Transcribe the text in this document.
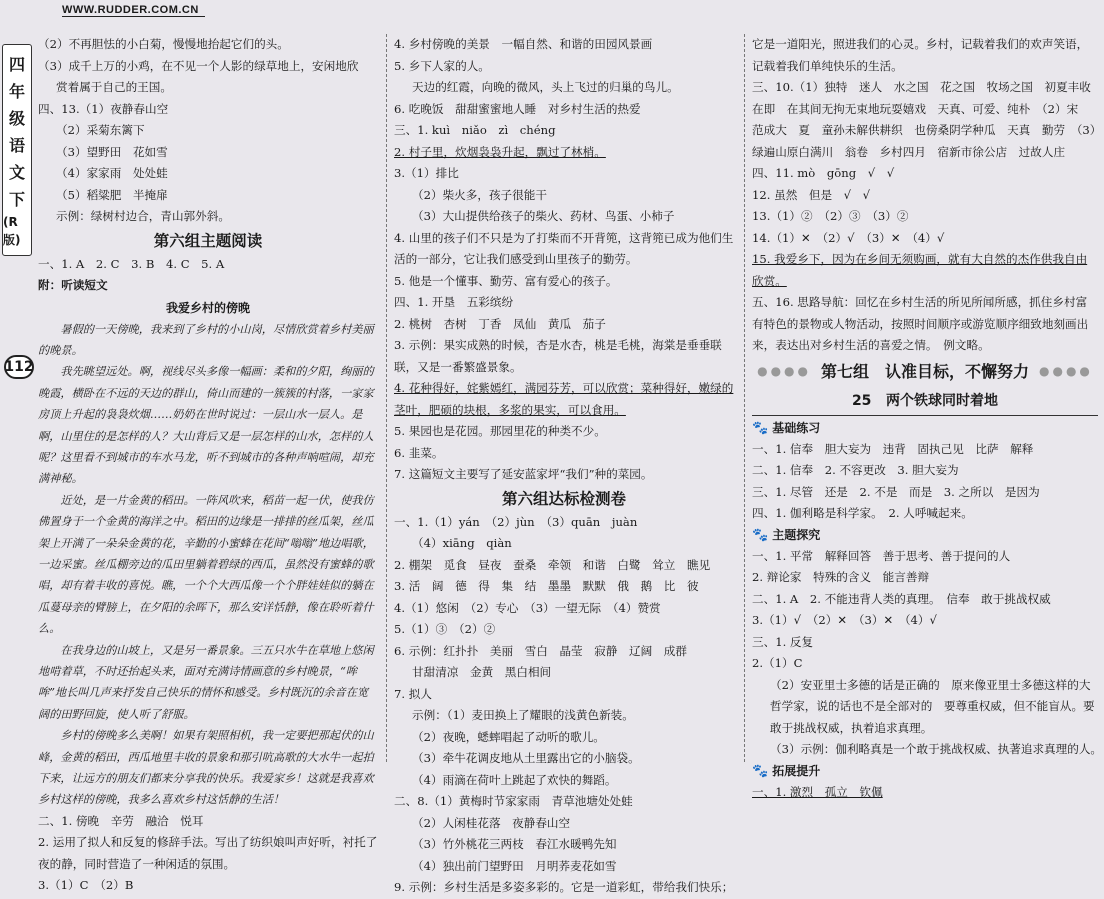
WWW.RUDDER.COM.CN
四
年
级
语
文
下
(R版)
112
（2）不再胆怯的小白菊，慢慢地抬起它们的头。
（3）成千上万的小鸡，在不见一个人影的绿草地上，安闲地欣
赏着属于自己的王国。
四、13.（1）夜静春山空
（2）采菊东篱下
（3）望野田　花如雪
（4）家家雨　处处蛙
（5）稻粱肥　半掩扉
示例：绿树村边合，青山郭外斜。
第六组主题阅读
一、1. A　2. C　3. B　4. C　5. A
附：听读短文
我爱乡村的傍晚
暑假的一天傍晚，我来到了乡村的小山岗，尽情欣赏着乡村美丽的晚景。
我先眺望远处。啊，视线尽头多像一幅画：柔和的夕阳，绚丽的晚霞，横卧在不远的天边的群山，倚山而建的一簇簇的村落，一家家房顶上升起的袅袅炊烟……奶奶在世时说过：一层山水一层人。是啊，山里住的是怎样的人？大山背后又是一层怎样的山水，怎样的人呢？这里看不到城市的车水马龙，听不到城市的各种声响喧闹，却充满神秘。
近处，是一片金黄的稻田。一阵风吹来，稻苗一起一伏，使我仿佛置身于一个金黄的海洋之中。稻田的边缘是一排排的丝瓜架，丝瓜架上开满了一朵朵金黄的花，辛勤的小蜜蜂在花间“嗡嗡”地边唱歌，一边采蜜。丝瓜棚旁边的瓜田里躺着碧绿的西瓜，虽然没有蜜蜂的歌唱，却有着丰收的喜悦。瞧，一个个大西瓜像一个个胖娃娃似的躺在瓜蔓母亲的臂膀上，在夕阳的余晖下，那么安详恬静，像在聆听着什么。
在我身边的山坡上，又是另一番景象。三五只水牛在草地上悠闲地啃着草，不时还抬起头来，面对充满诗情画意的乡村晚景，“哞哞”地长叫几声来抒发自己快乐的情怀和感受。乡村既沉的余音在宽阔的田野回旋，使人听了舒服。
乡村的傍晚多么美啊！如果有架照相机，我一定要把那起伏的山峰，金黄的稻田，西瓜地里丰收的景象和那引吭高歌的大水牛一起拍下来，让远方的朋友们都来分享我的快乐。我爱家乡！这就是我喜欢乡村这样的傍晚，我多么喜欢乡村这恬静的生活！
二、1. 傍晚　辛劳　融洽　悦耳
2. 运用了拟人和反复的修辞手法。写出了纺织娘叫声好听，衬托了夜的静，同时营造了一种闲适的氛围。
3.（1）C　（2）B
4. 乡村傍晚的美景　一幅自然、和谐的田园风景画
5. 乡下人家的人。
天边的红霞，向晚的微风，头上飞过的归巢的鸟儿。
6. 吃晚饭　甜甜蜜蜜地人睡　对乡村生活的热爱
三、1. kuì　niǎo　zì　chéng
2. 村子里，炊烟袅袅升起，飘过了林梢。
3.（1）排比
（2）柴火多，孩子很能干
（3）大山提供给孩子的柴火、药材、鸟蛋、小柿子
4. 山里的孩子们不只是为了打柴而不开背篼，这背篼已成为他们生活的一部分，它让我们感受到山里孩子的勤劳。
5. 他是一个懂事、勤劳、富有爱心的孩子。
四、1. 开垦　五彩缤纷
2. 桃树　杏树　丁香　凤仙　黄瓜　茄子
3. 示例：果实成熟的时候，杏是水杏，桃是毛桃，海棠是垂垂联联，又是一番繁盛景象。
4. 花种得好，姹紫嫣红，满园芬芳，可以欣赏；菜种得好，嫩绿的茎叶，肥硕的块根，多浆的果实，可以食用。
5. 果园也是花园。那园里花的种类不少。
6. 韭菜。
7. 这篇短文主要写了延安蓝家坪“我们”种的菜园。
第六组达标检测卷
一、1.（1）yán　（2）jùn　（3）quān　juàn
（4）xiāng　qiàn
2. 棚架　觅食　昼夜　蚕桑　牵领　和谐　白鹭　耸立　瞧见
3. 活　阔　德　得　集　结　墨墨　默默　俄　鹅　比　彼
4.（1）悠闲　（2）专心　（3）一望无际　（4）赞赏
5.（1）③　（2）②
6. 示例：红扑扑　美丽　雪白　晶莹　寂静　辽阔　成群
甘甜清凉　金黄　黑白相间
7. 拟人
示例：（1）麦田换上了耀眼的浅黄色新装。
（2）夜晚，蟋蟀唱起了动听的歌儿。
（3）牵牛花调皮地从土里露出它的小脑袋。
（4）雨滴在荷叶上跳起了欢快的舞蹈。
二、8.（1）黄梅时节家家雨　青草池塘处处蛙
（2）人闲桂花落　夜静春山空
（3）竹外桃花三两枝　春江水暖鸭先知
（4）独出前门望野田　月明荞麦花如雪
9. 示例：乡村生活是多姿多彩的。它是一道彩虹，带给我们快乐；
它是一道阳光，照进我们的心灵。乡村，记载着我们的欢声笑语，记载着我们单纯快乐的生活。
三、10.（1）独特　迷人　水之国　花之国　牧场之国　初夏丰收在即　在其间无拘无束地玩耍嬉戏　天真、可爱、纯朴　（2）宋　范成大　夏　童孙未解供耕织　也傍桑阴学种瓜　天真　勤劳　（3）绿遍山原白满川　翁卷　乡村四月　宿新市徐公店　过故人庄
四、11. mò　gōng　√　√
12. 虽然　但是　√　√
13.（1）②　（2）③　（3）②
14.（1）✕　（2）√　（3）✕　（4）√
15. 我爱乡下，因为在乡间无须购画，就有大自然的杰作供我自由欣赏。
五、16. 思路导航：回忆在乡村生活的所见所闻所感，抓住乡村富有特色的景物或人物活动，按照时间顺序或游览顺序细致地刻画出来，表达出对乡村生活的喜爱之情。　例文略。
●●●● 第七组　认准目标，不懈努力 ●●●●
25 两个铁球同时着地
🐾 基础练习
一、1. 信奉　胆大妄为　违背　固执己见　比萨　解释
二、1. 信奉　2. 不容更改　3. 胆大妄为
三、1. 尽管　还是　2. 不是　而是　3. 之所以　是因为
四、1. 伽利略是科学家。　2. 人呼喊起来。
🐾 主题探究
一、1. 平常　解释回答　善于思考、善于提问的人
2. 辩论家　特殊的含义　能言善辩
二、1. A　2. 不能违背人类的真理。　信奉　敢于挑战权威
3.（1）√　（2）✕　（3）✕　（4）√
三、1. 反复
2.（1）C
（2）安亚里士多德的话是正确的　原来像亚里士多德这样的大哲学家，说的话也不是全部对的　要尊重权威，但不能盲从。要敢于挑战权威，执着追求真理。
（3）示例：伽利略真是一个敢于挑战权威、执著追求真理的人。
🐾 拓展提升
一、1. 激烈　孤立　钦佩
